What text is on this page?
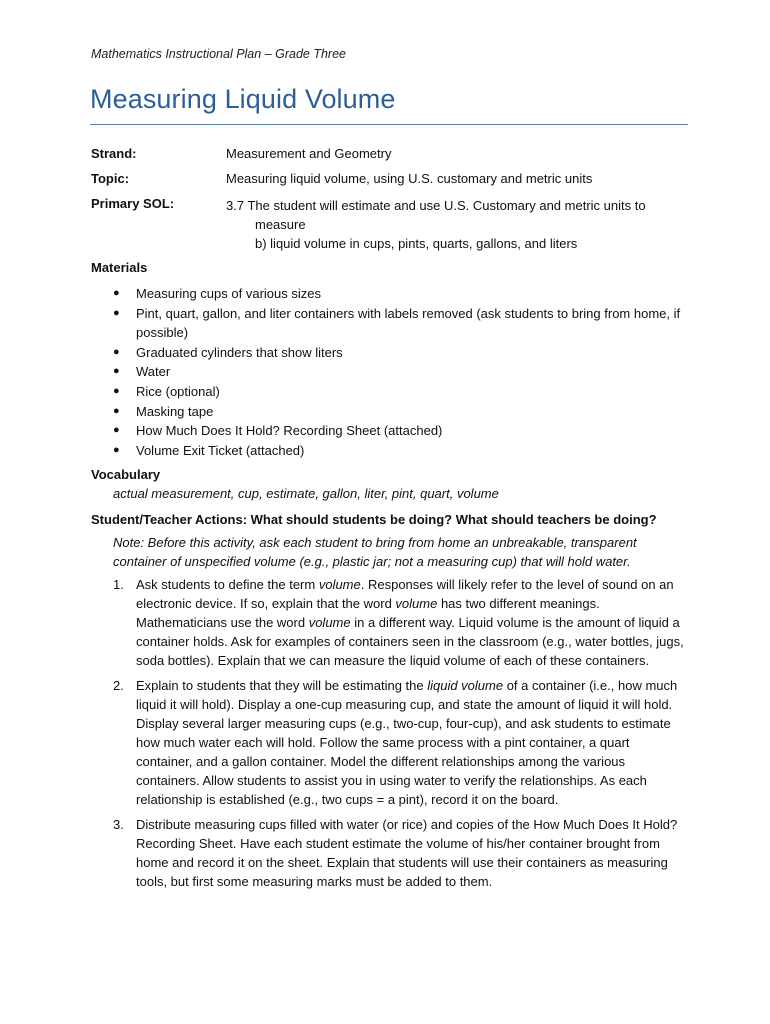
Mathematics Instructional Plan – Grade Three
Measuring Liquid Volume
Strand:	Measurement and Geometry
Topic:	Measuring liquid volume, using U.S. customary and metric units
Primary SOL:	3.7 The student will estimate and use U.S. Customary and metric units to
measure
b) liquid volume in cups, pints, quarts, gallons, and liters
Materials
● Measuring cups of various sizes
● Pint, quart, gallon, and liter containers with labels removed (ask students to bring from home, if possible)
● Graduated cylinders that show liters
● Water
● Rice (optional)
● Masking tape
● How Much Does It Hold? Recording Sheet (attached)
● Volume Exit Ticket (attached)
Vocabulary
actual measurement, cup, estimate, gallon, liter, pint, quart, volume
Student/Teacher Actions: What should students be doing? What should teachers be doing?
Note: Before this activity, ask each student to bring from home an unbreakable, transparent container of unspecified volume (e.g., plastic jar; not a measuring cup) that will hold water.
1. Ask students to define the term volume. Responses will likely refer to the level of sound on an electronic device. If so, explain that the word volume has two different meanings. Mathematicians use the word volume in a different way. Liquid volume is the amount of liquid a container holds. Ask for examples of containers seen in the classroom (e.g., water bottles, jugs, soda bottles). Explain that we can measure the liquid volume of each of these containers.
2. Explain to students that they will be estimating the liquid volume of a container (i.e., how much liquid it will hold). Display a one-cup measuring cup, and state the amount of liquid it will hold. Display several larger measuring cups (e.g., two-cup, four-cup), and ask students to estimate how much water each will hold. Follow the same process with a pint container, a quart container, and a gallon container. Model the different relationships among the various containers. Allow students to assist you in using water to verify the relationships. As each relationship is established (e.g., two cups = a pint), record it on the board.
3. Distribute measuring cups filled with water (or rice) and copies of the How Much Does It Hold? Recording Sheet. Have each student estimate the volume of his/her container brought from home and record it on the sheet. Explain that students will use their containers as measuring tools, but first some measuring marks must be added to them.
